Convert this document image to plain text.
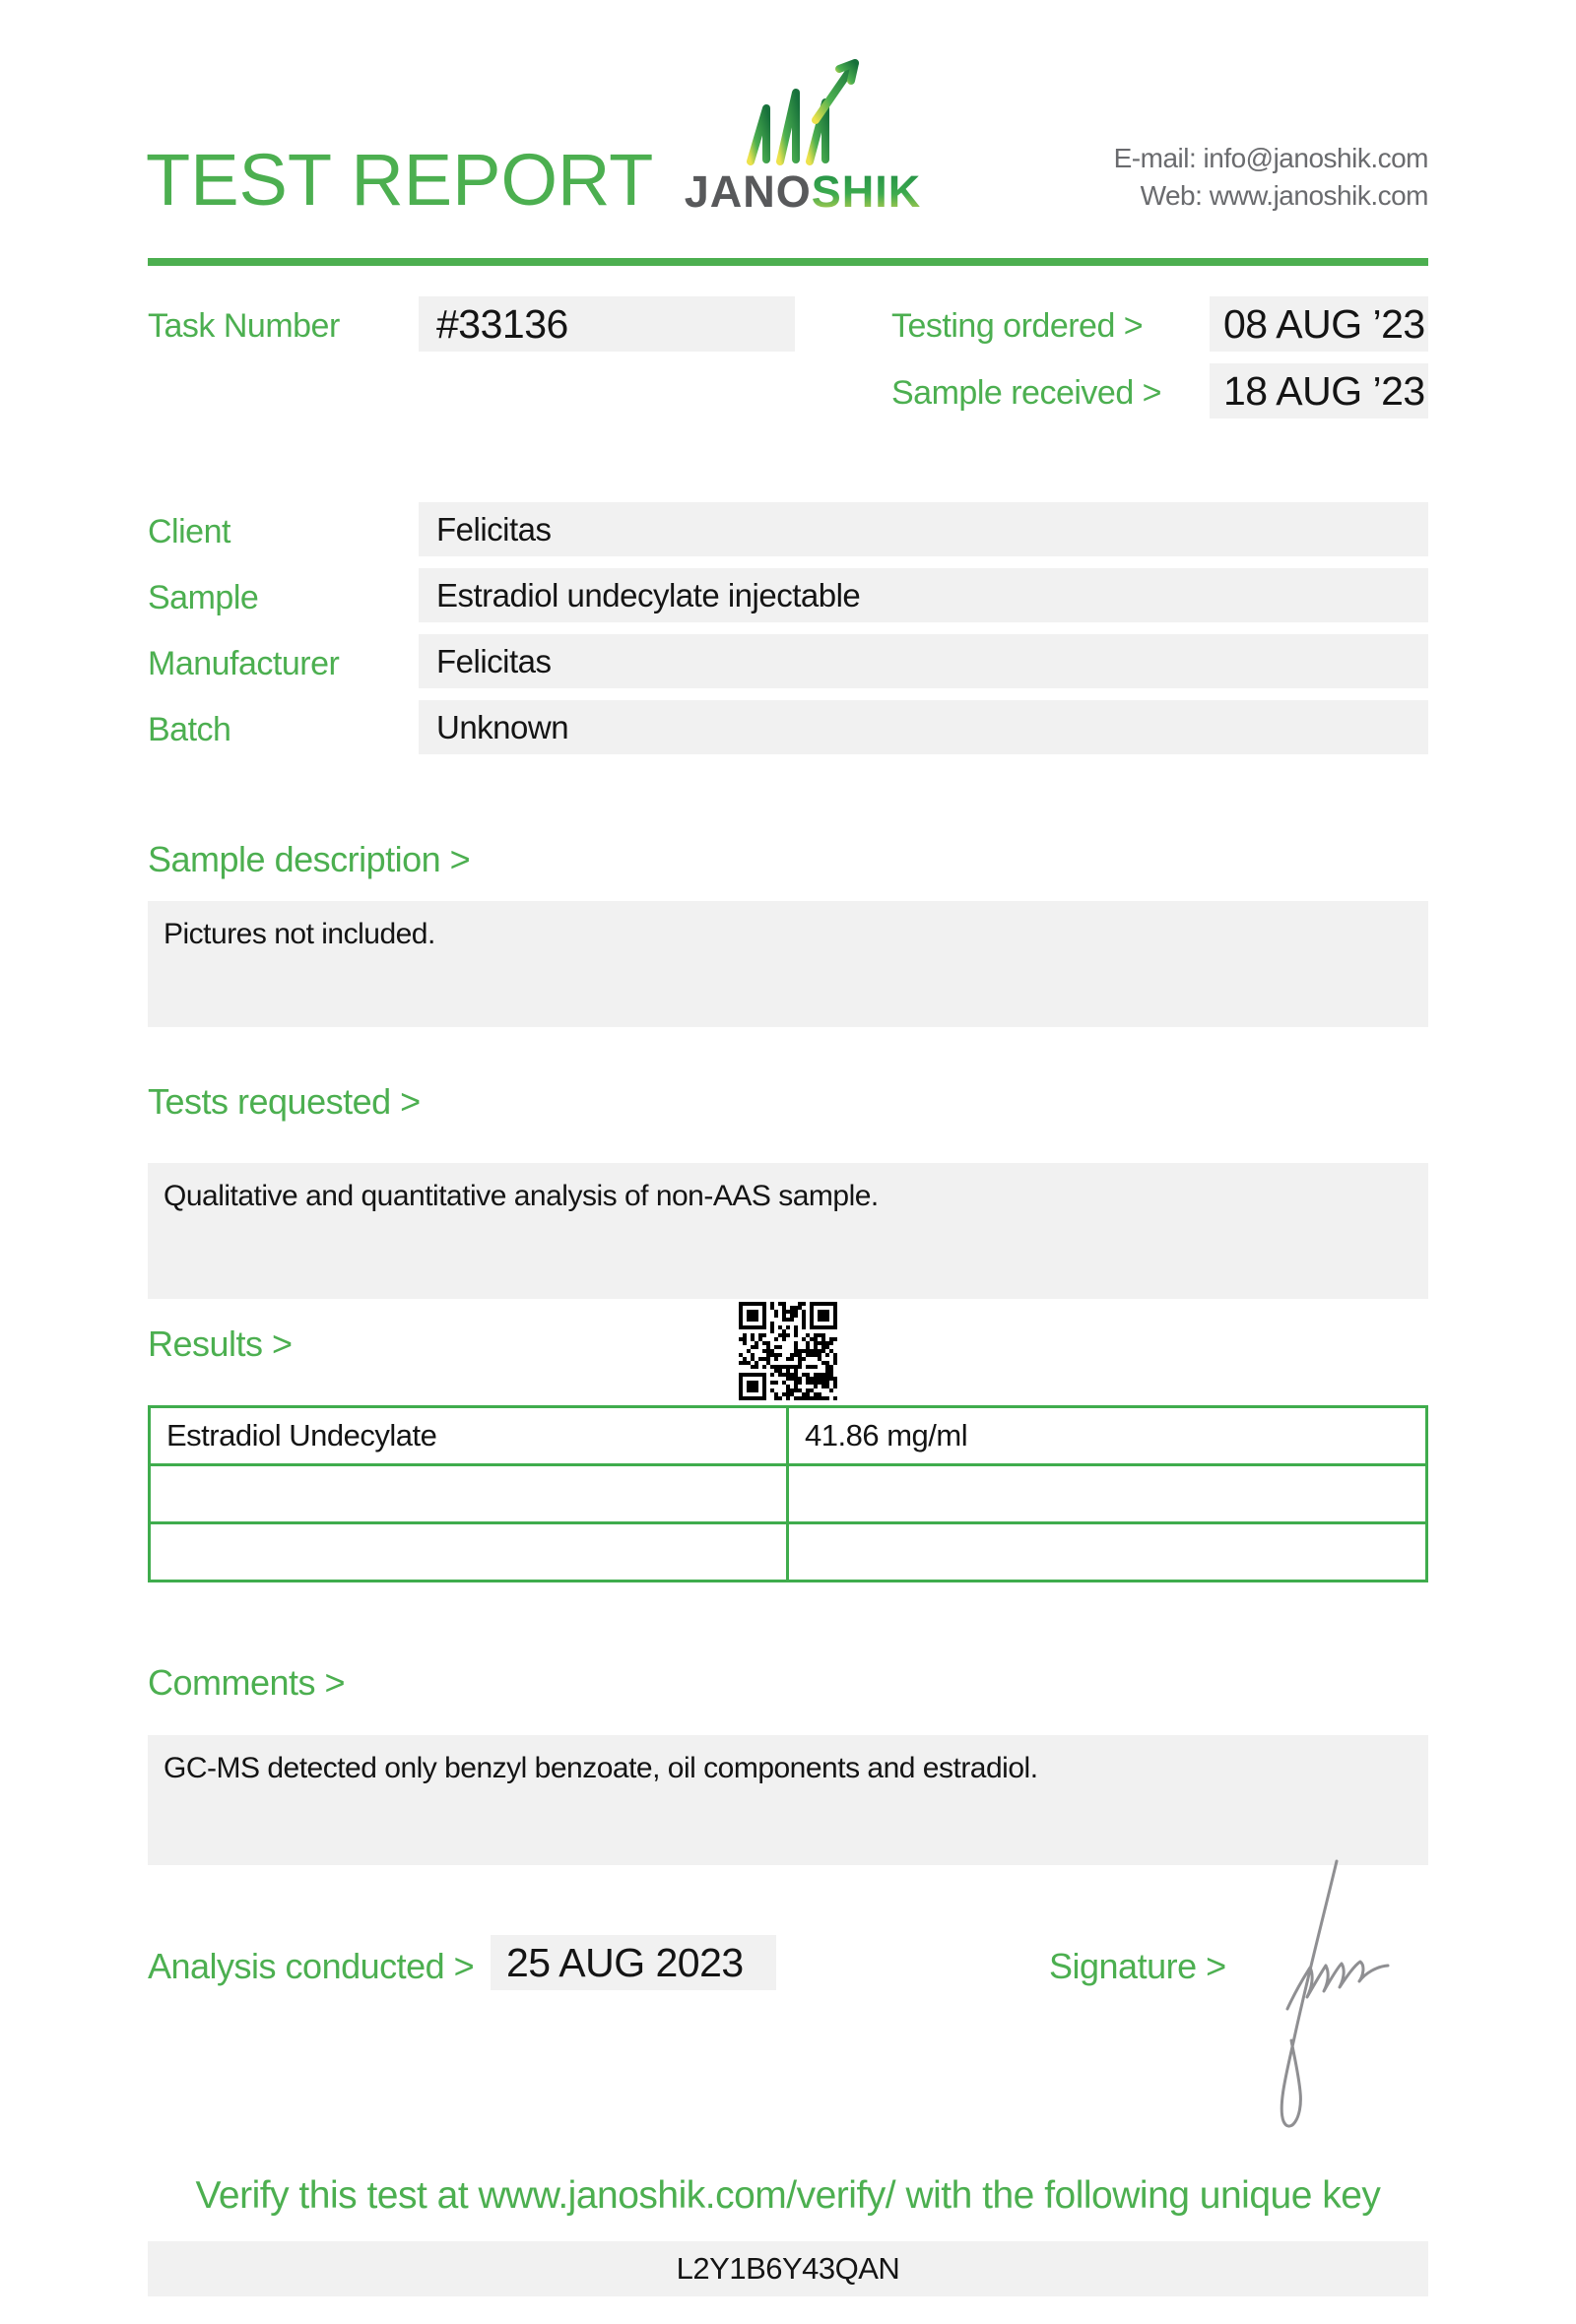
TEST REPORT JANOSHIK
E-mail: info@janoshik.com
Web: www.janoshik.com
Task Number #33136	Testing ordered > 08 AUG ’23
Sample received > 18 AUG ’23
Client	Felicitas
Sample	Estradiol undecylate injectable
Manufacturer	Felicitas
Batch	Unknown
Sample description >
Pictures not included.
Tests requested >
Qualitative and quantitative analysis of non-AAS sample.
Results >
Estradiol Undecylate	41.86 mg/ml

Comments >
GC-MS detected only benzyl benzoate, oil components and estradiol.
Analysis conducted > 25 AUG 2023	Signature >
Verify this test at www.janoshik.com/verify/ with the following unique key
L2Y1B6Y43QAN
